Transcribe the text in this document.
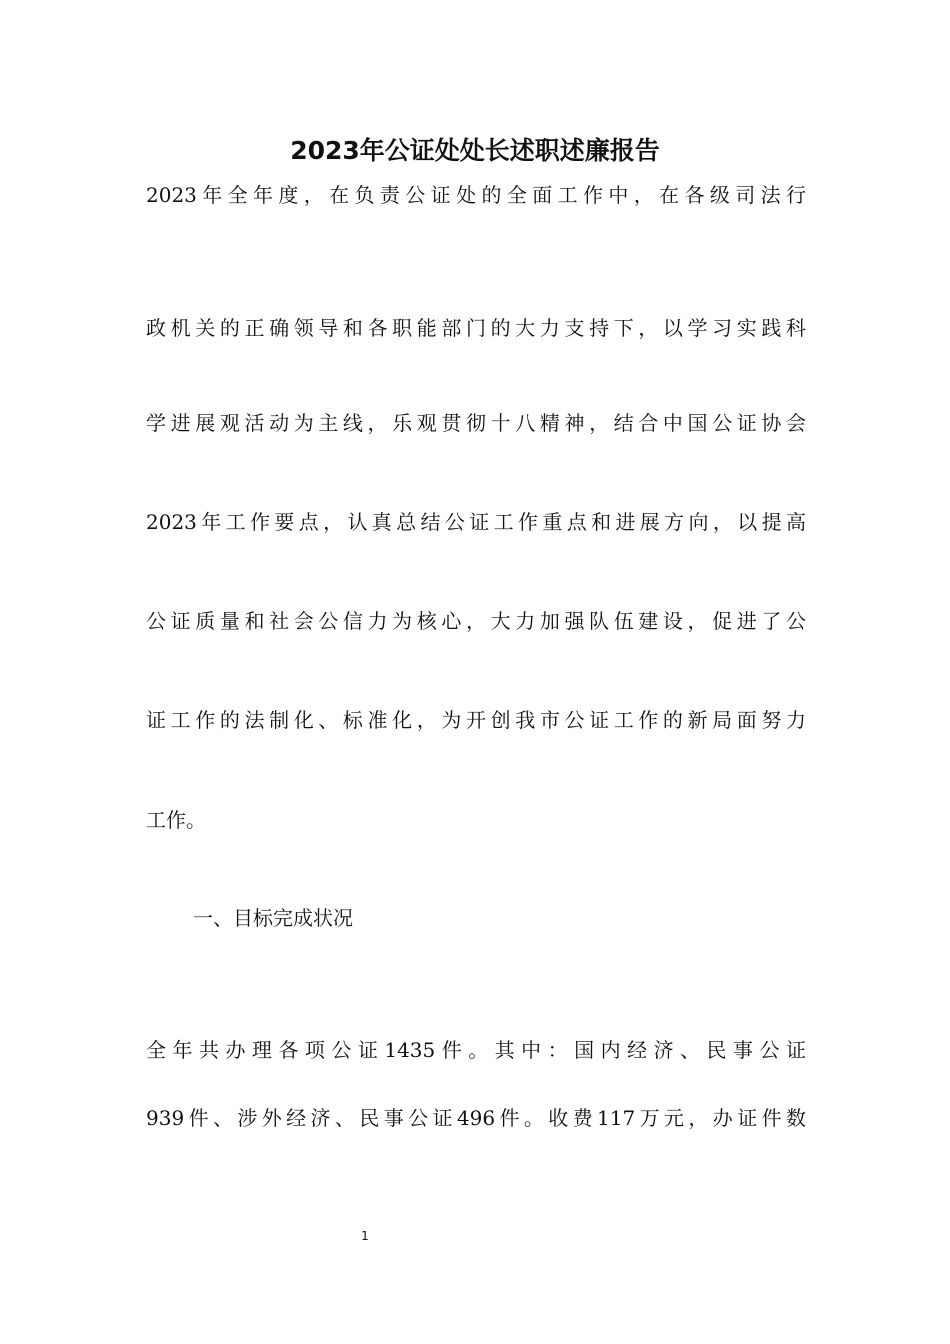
2023年公证处处长述职述廉报告
2023年全年度，在负责公证处的全面工作中，在各级司法行
政机关的正确领导和各职能部门的大力支持下，以学习实践科
学进展观活动为主线，乐观贯彻十八精神，结合中国公证协会
2023年工作要点，认真总结公证工作重点和进展方向，以提高
公证质量和社会公信力为核心，大力加强队伍建设，促进了公
证工作的法制化、标准化，为开创我市公证工作的新局面努力
工作。
一、目标完成状况
全年共办理各项公证1435件。其中：国内经济、民事公证
939件、涉外经济、民事公证496件。收费117万元，办证件数
1
